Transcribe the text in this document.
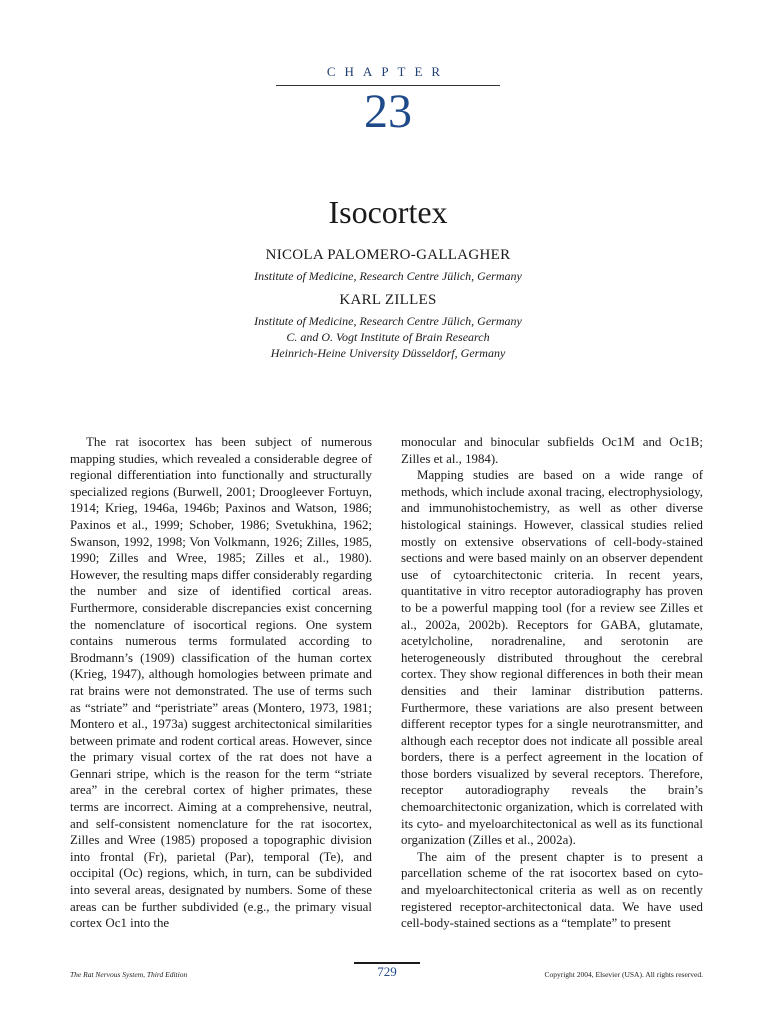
CHAPTER
23
Isocortex
NICOLA PALOMERO-GALLAGHER
Institute of Medicine, Research Centre Jülich, Germany
KARL ZILLES
Institute of Medicine, Research Centre Jülich, Germany
C. and O. Vogt Institute of Brain Research
Heinrich-Heine University Düsseldorf, Germany

The rat isocortex has been subject of numerous mapping studies, which revealed a considerable degree of regional differentiation into functionally and structurally specialized regions (Burwell, 2001; Droogleever Fortuyn, 1914; Krieg, 1946a, 1946b; Paxinos and Watson, 1986; Paxinos et al., 1999; Schober, 1986; Svetukhina, 1962; Swanson, 1992, 1998; Von Volkmann, 1926; Zilles, 1985, 1990; Zilles and Wree, 1985; Zilles et al., 1980). However, the resulting maps differ considerably regarding the number and size of identified cortical areas. Furthermore, considerable discrepancies exist concerning the nomenclature of isocortical regions. One system contains numerous terms formulated according to Brodmann’s (1909) classification of the human cortex (Krieg, 1947), although homologies between primate and rat brains were not demonstrated. The use of terms such as “striate” and “peristriate” areas (Montero, 1973, 1981; Montero et al., 1973a) suggest architectonical similarities between primate and rodent cortical areas. However, since the primary visual cortex of the rat does not have a Gennari stripe, which is the reason for the term “striate area” in the cerebral cortex of higher primates, these terms are incorrect. Aiming at a comprehensive, neutral, and self-consistent nomenclature for the rat isocortex, Zilles and Wree (1985) proposed a topographic division into frontal (Fr), parietal (Par), temporal (Te), and occipital (Oc) regions, which, in turn, can be subdivided into several areas, designated by numbers. Some of these areas can be further subdivided (e.g., the primary visual cortex Oc1 into the

monocular and binocular subfields Oc1M and Oc1B; Zilles et al., 1984).

Mapping studies are based on a wide range of methods, which include axonal tracing, electrophysiology, and immunohistochemistry, as well as other diverse histological stainings. However, classical studies relied mostly on extensive observations of cell-body-stained sections and were based mainly on an observer dependent use of cytoarchitectonic criteria. In recent years, quantitative in vitro receptor autoradiography has proven to be a powerful mapping tool (for a review see Zilles et al., 2002a, 2002b). Receptors for GABA, glutamate, acetylcholine, noradrenaline, and serotonin are heterogeneously distributed throughout the cerebral cortex. They show regional differences in both their mean densities and their laminar distribution patterns. Furthermore, these variations are also present between different receptor types for a single neurotransmitter, and although each receptor does not indicate all possible areal borders, there is a perfect agreement in the location of those borders visualized by several receptors. Therefore, receptor autoradiography reveals the brain’s chemoarchitectonic organization, which is correlated with its cyto- and myeloarchitectonical as well as its functional organization (Zilles et al., 2002a).

The aim of the present chapter is to present a parcellation scheme of the rat isocortex based on cyto- and myeloarchitectonical criteria as well as on recently registered receptor-architectonical data. We have used cell-body-stained sections as a “template” to present

The Rat Nervous System, Third Edition	729	Copyright 2004, Elsevier (USA). All rights reserved.
